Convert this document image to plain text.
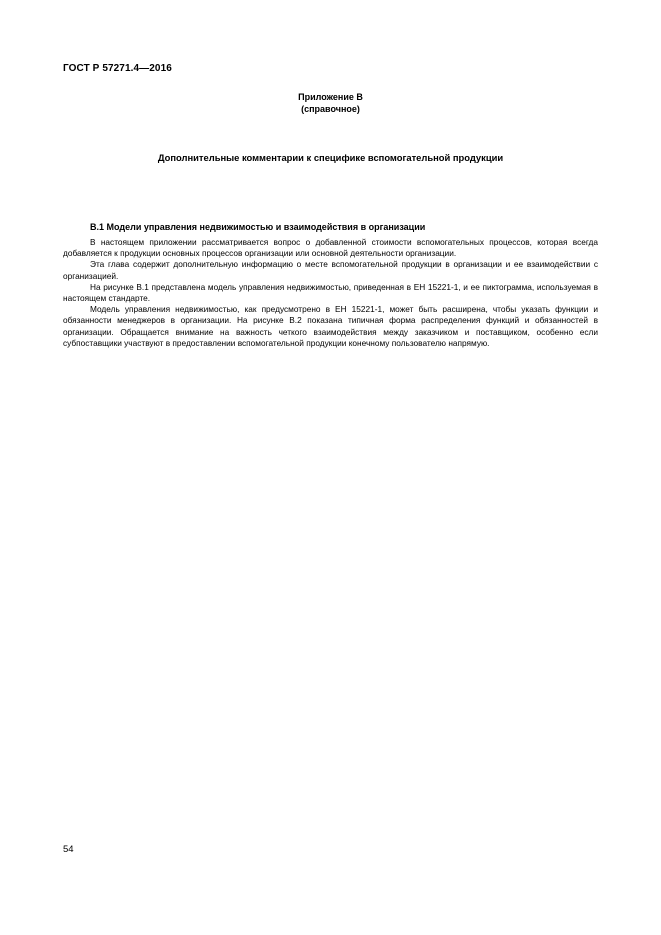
ГОСТ Р 57271.4—2016
Приложение В
(справочное)
Дополнительные комментарии к специфике вспомогательной продукции
В.1 Модели управления недвижимостью и взаимодействия в организации

В настоящем приложении рассматривается вопрос о добавленной стоимости вспомогательных процессов, которая всегда добавляется к продукции основных процессов организации или основной деятельности организации.

Эта глава содержит дополнительную информацию о месте вспомогательной продукции в организации и ее взаимодействии с организацией.

На рисунке В.1 представлена модель управления недвижимостью, приведенная в ЕН 15221-1, и ее пиктограмма, используемая в настоящем стандарте.

Модель управления недвижимостью, как предусмотрено в ЕН 15221-1, может быть расширена, чтобы указать функции и обязанности менеджеров в организации. На рисунке В.2 показана типичная форма распределения функций и обязанностей в организации. Обращается внимание на важность четкого взаимодействия между заказчиком и поставщиком, особенно если субпоставщики участвуют в предоставлении вспомогательной продукции конечному пользователю напрямую.

54
